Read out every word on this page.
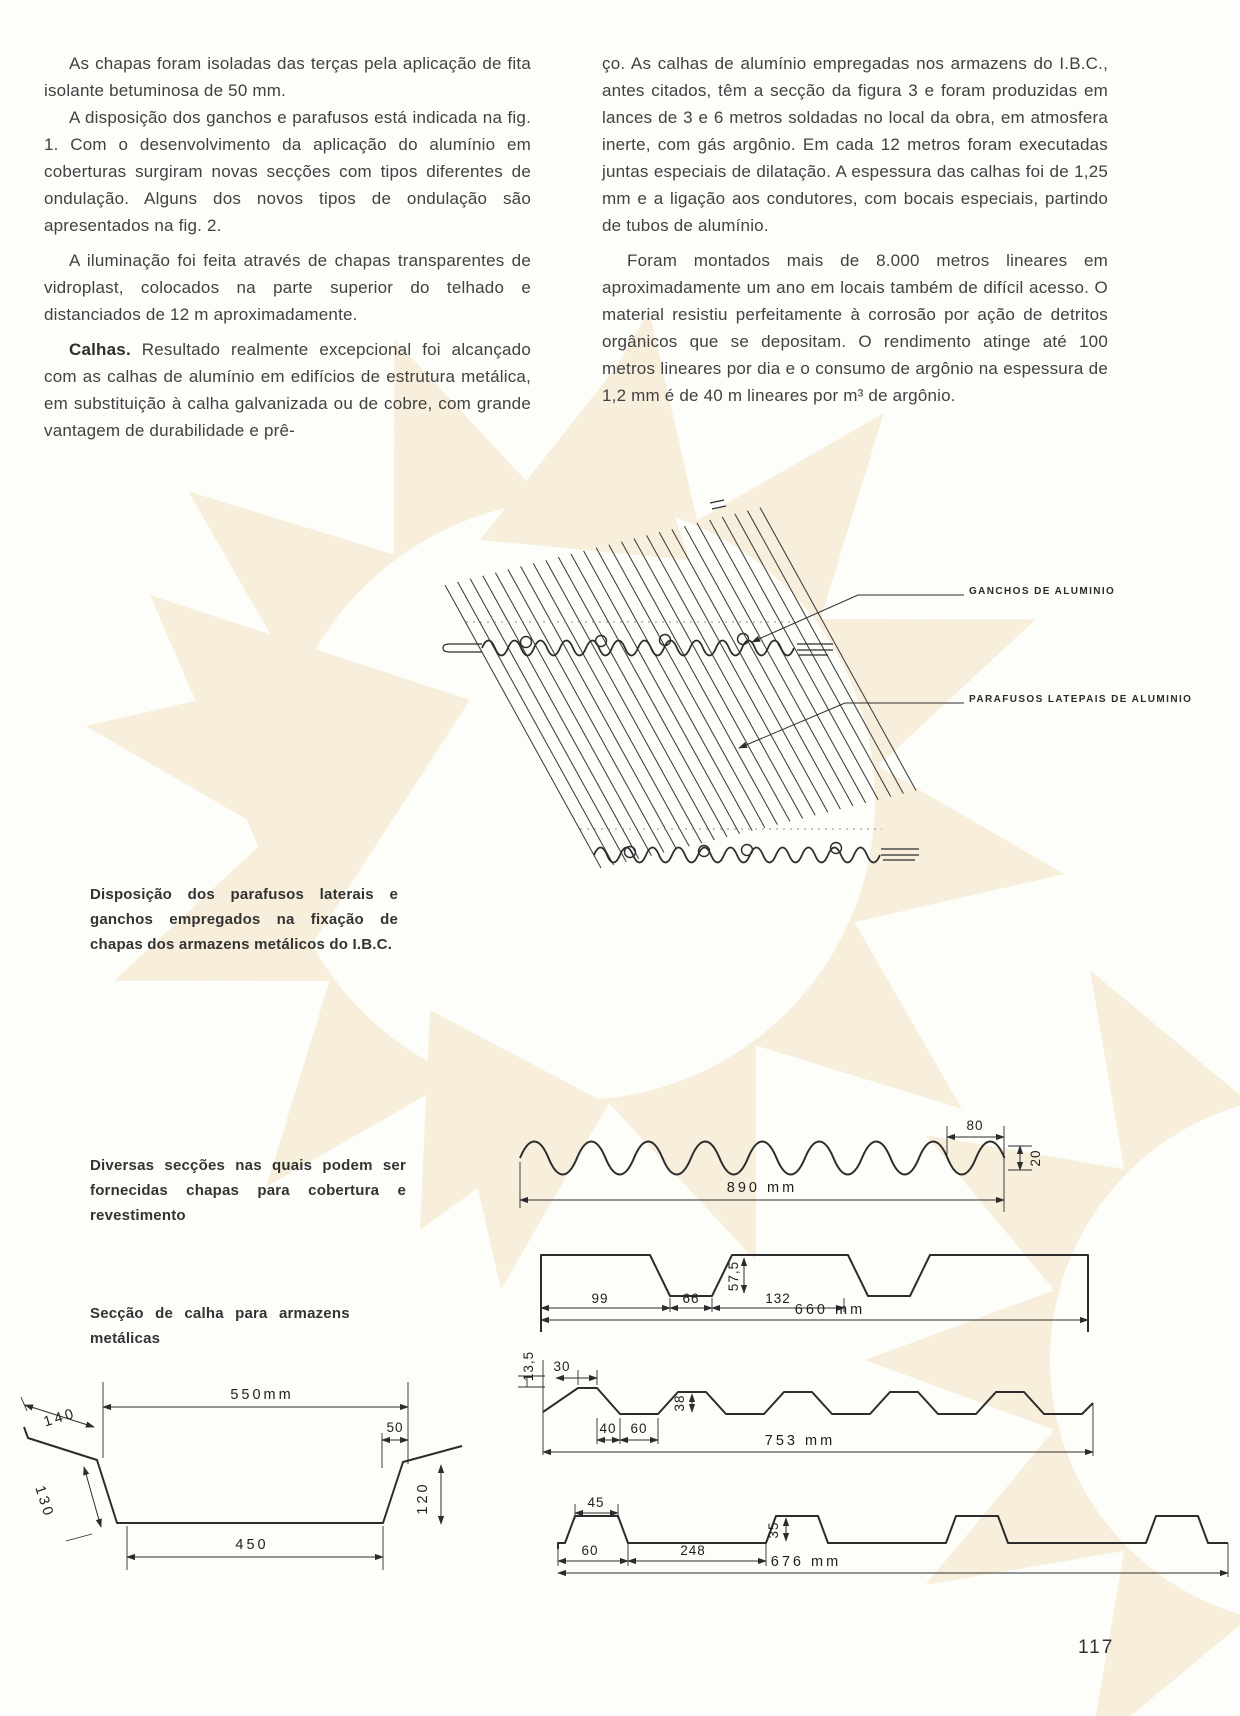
As chapas foram isoladas das terças pela aplicação de fita isolante betuminosa de 50 mm.

A disposição dos ganchos e parafusos está indicada na fig. 1. Com o desenvolvimento da aplicação do alumínio em coberturas surgiram novas secções com tipos diferentes de ondulação. Alguns dos novos tipos de ondulação são apresentados na fig. 2.

A iluminação foi feita através de chapas transparentes de vidroplast, colocados na parte superior do telhado e distanciados de 12 m aproximadamente.

Calhas. Resultado realmente excepcional foi alcançado com as calhas de alumínio em edifícios de estrutura metálica, em substituição à calha galvanizada ou de cobre, com grande vantagem de durabilidade e prê-

ço. As calhas de alumínio empregadas nos armazens do I.B.C., antes citados, têm a secção da figura 3 e foram produzidas em lances de 3 e 6 metros soldadas no local da obra, em atmosfera inerte, com gás argônio. Em cada 12 metros foram executadas juntas especiais de dilatação. A espessura das calhas foi de 1,25 mm e a ligação aos condutores, com bocais especiais, partindo de tubos de alumínio.

Foram montados mais de 8.000 metros lineares em aproximadamente um ano em locais também de difícil acesso. O material resistiu perfeitamente à corrosão por ação de detritos orgânicos que se depositam. O rendimento atinge até 100 metros lineares por dia e o consumo de argônio na espessura de 1,2 mm é de 40 m lineares por m³ de argônio.

80
20
890 mm
57,5
99	66	132
660 mm
13,5 30
38
40 60
753 mm
45
35
60	248
676 mm
550mm
140	50
130	120
450
GANCHOS DE ALUMINIO
PARAFUSOS LATEPAIS DE ALUMINIO
Disposição dos parafusos laterais e ganchos empregados na fixação de chapas dos armazens metálicos do I.B.C.
Diversas secções nas quais podem ser fornecidas chapas para cobertura e revestimento
Secção de calha para armazens metálicas
117
